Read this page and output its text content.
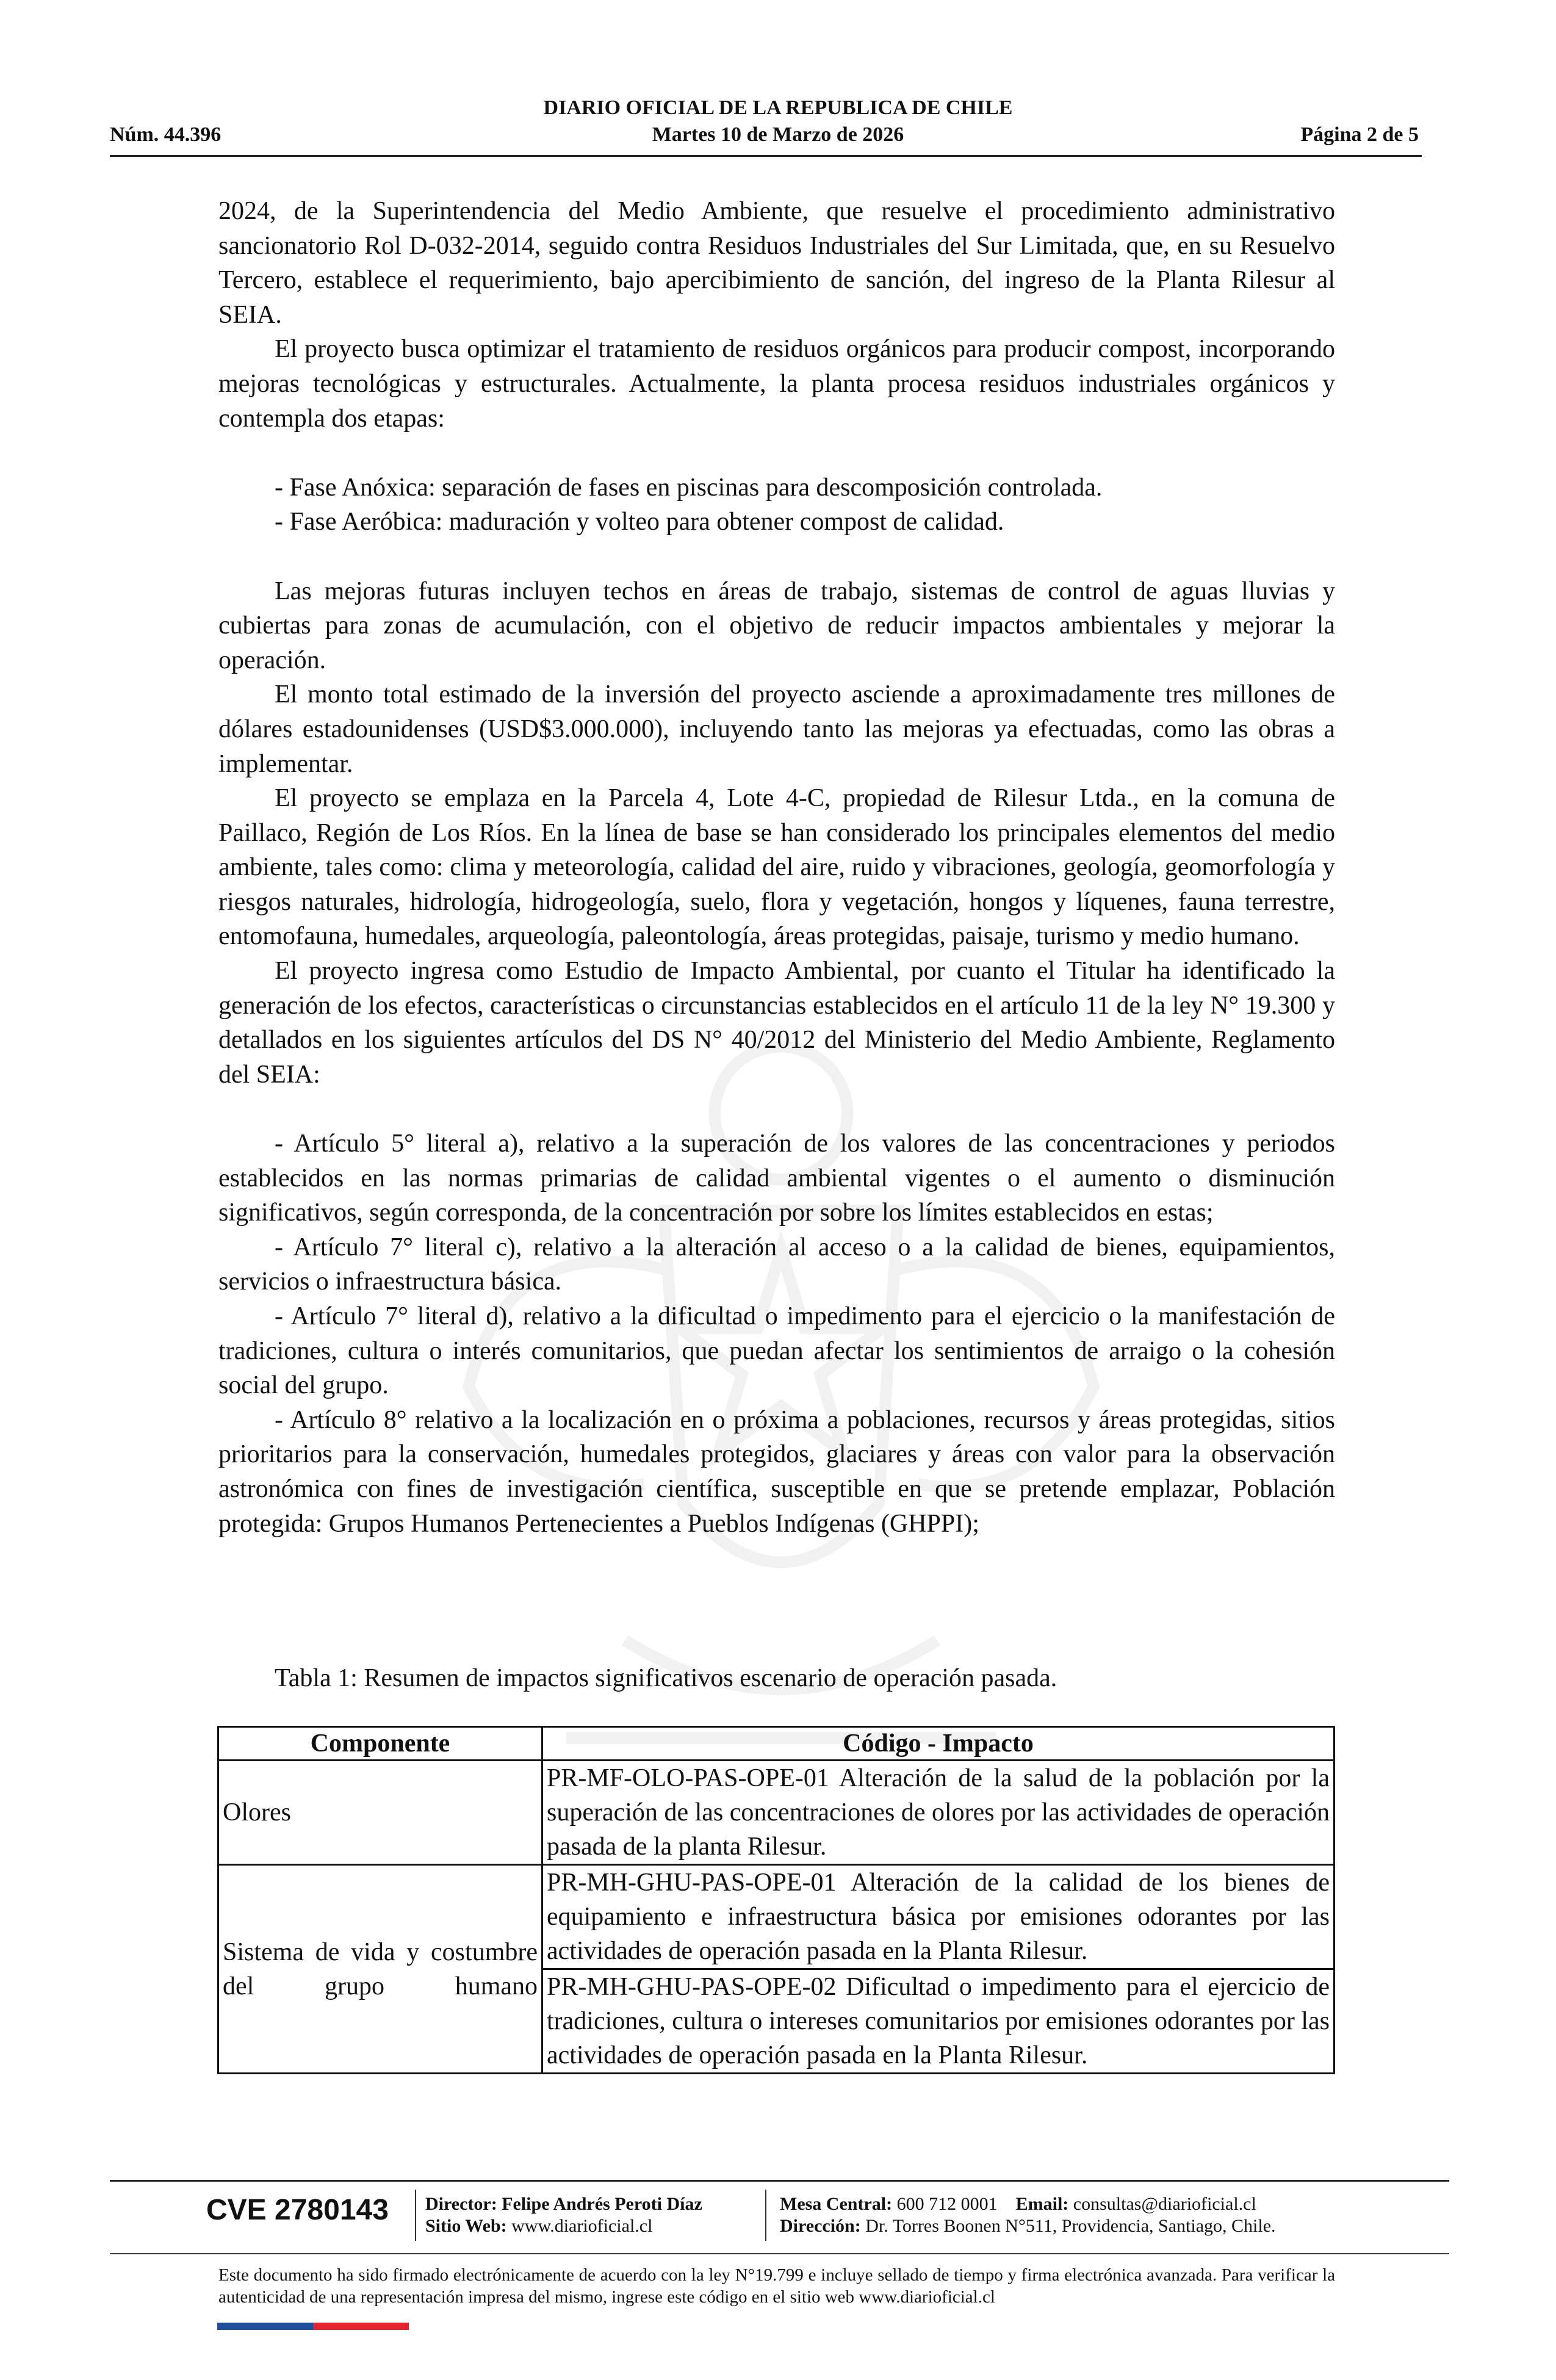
DIARIO OFICIAL DE LA REPUBLICA DE CHILE
Núm. 44.396	Martes 10 de Marzo de 2026	Página 2 de 5

2024, de la Superintendencia del Medio Ambiente, que resuelve el procedimiento administrativo sancionatorio Rol D-032-2014, seguido contra Residuos Industriales del Sur Limitada, que, en su Resuelvo Tercero, establece el requerimiento, bajo apercibimiento de sanción, del ingreso de la Planta Rilesur al SEIA.

El proyecto busca optimizar el tratamiento de residuos orgánicos para producir compost, incorporando mejoras tecnológicas y estructurales. Actualmente, la planta procesa residuos industriales orgánicos y contempla dos etapas:

- Fase Anóxica: separación de fases en piscinas para descomposición controlada.

- Fase Aeróbica: maduración y volteo para obtener compost de calidad.

Las mejoras futuras incluyen techos en áreas de trabajo, sistemas de control de aguas lluvias y cubiertas para zonas de acumulación, con el objetivo de reducir impactos ambientales y mejorar la operación.

El monto total estimado de la inversión del proyecto asciende a aproximadamente tres millones de dólares estadounidenses (USD$3.000.000), incluyendo tanto las mejoras ya efectuadas, como las obras a implementar.

El proyecto se emplaza en la Parcela 4, Lote 4-C, propiedad de Rilesur Ltda., en la comuna de Paillaco, Región de Los Ríos. En la línea de base se han considerado los principales elementos del medio ambiente, tales como: clima y meteorología, calidad del aire, ruido y vibraciones, geología, geomorfología y riesgos naturales, hidrología, hidrogeología, suelo, flora y vegetación, hongos y líquenes, fauna terrestre, entomofauna, humedales, arqueología, paleontología, áreas protegidas, paisaje, turismo y medio humano.

El proyecto ingresa como Estudio de Impacto Ambiental, por cuanto el Titular ha identificado la generación de los efectos, características o circunstancias establecidos en el artículo 11 de la ley N° 19.300 y detallados en los siguientes artículos del DS N° 40/2012 del Ministerio del Medio Ambiente, Reglamento del SEIA:

- Artículo 5° literal a), relativo a la superación de los valores de las concentraciones y periodos establecidos en las normas primarias de calidad ambiental vigentes o el aumento o disminución significativos, según corresponda, de la concentración por sobre los límites establecidos en estas;

- Artículo 7° literal c), relativo a la alteración al acceso o a la calidad de bienes, equipamientos, servicios o infraestructura básica.

- Artículo 7° literal d), relativo a la dificultad o impedimento para el ejercicio o la manifestación de tradiciones, cultura o interés comunitarios, que puedan afectar los sentimientos de arraigo o la cohesión social del grupo.

- Artículo 8° relativo a la localización en o próxima a poblaciones, recursos y áreas protegidas, sitios prioritarios para la conservación, humedales protegidos, glaciares y áreas con valor para la observación astronómica con fines de investigación científica, susceptible en que se pretende emplazar, Población protegida: Grupos Humanos Pertenecientes a Pueblos Indígenas (GHPPI);

Tabla 1: Resumen de impactos significativos escenario de operación pasada.
Componente	Código - Impacto
Olores	PR-MF-OLO-PAS-OPE-01 Alteración de la salud de la población por la superación de las concentraciones de olores por las actividades de operación pasada de la planta Rilesur.
Sistema de vida y costumbre del grupo humano	PR-MH-GHU-PAS-OPE-01 Alteración de la calidad de los bienes de equipamiento e infraestructura básica por emisiones odorantes por las actividades de operación pasada en la Planta Rilesur.
	PR-MH-GHU-PAS-OPE-02 Dificultad o impedimento para el ejercicio de tradiciones, cultura o intereses comunitarios por emisiones odorantes por las actividades de operación pasada en la Planta Rilesur.
CVE 2780143 Director: Felipe Andrés Peroti Díaz
Sitio Web: www.diarioficial.cl
Mesa Central: 600 712 0001 Email: consultas@diarioficial.cl
Dirección: Dr. Torres Boonen N°511, Providencia, Santiago, Chile.
Este documento ha sido firmado electrónicamente de acuerdo con la ley N°19.799 e incluye sellado de tiempo y firma electrónica avanzada. Para verificar la autenticidad de una representación impresa del mismo, ingrese este código en el sitio web www.diarioficial.cl
